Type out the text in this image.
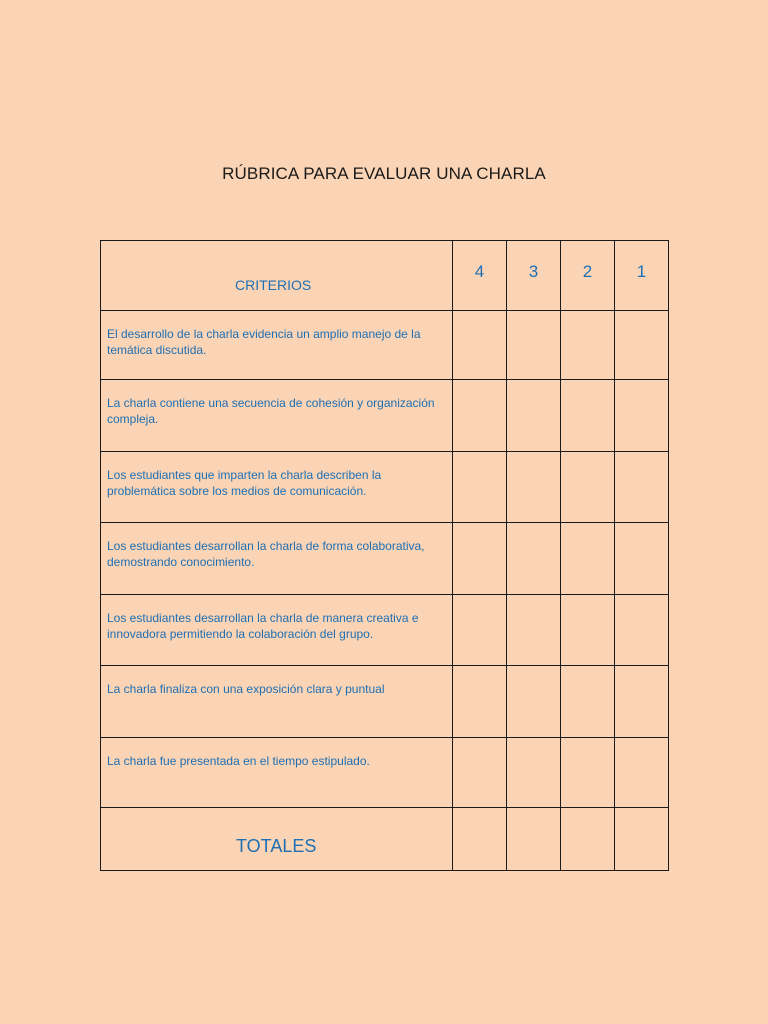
RÚBRICA PARA EVALUAR UNA CHARLA
CRITERIOS	4	3	2	1

El desarrollo de la charla evidencia un amplio manejo de la temática discutida.				

La charla contiene una secuencia de cohesión y organización compleja.				

Los estudiantes que imparten la charla describen la problemática sobre los medios de comunicación.				

Los estudiantes desarrollan la charla de forma colaborativa, demostrando conocimiento.				

Los estudiantes desarrollan la charla de manera creativa e innovadora permitiendo la colaboración del grupo.				

La charla finaliza con una exposición clara y puntual				

La charla fue presentada en el tiempo estipulado.				

TOTALES				
